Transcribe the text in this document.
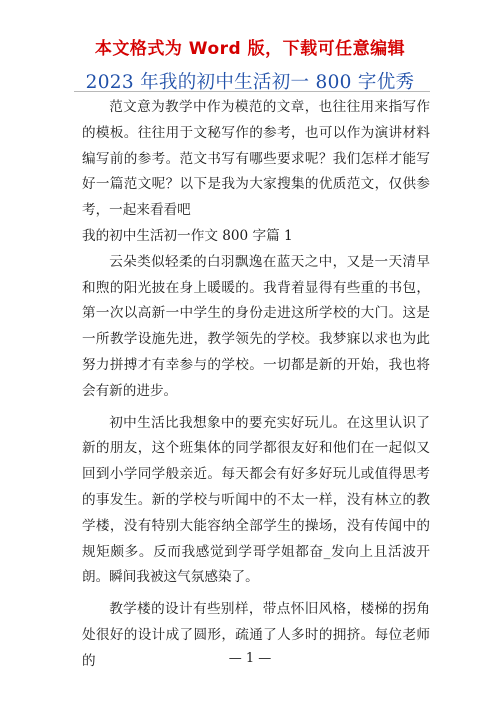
本文格式为 Word 版，下载可任意编辑
2023 年我的初中生活初一 800 字优秀

范文意为教学中作为模范的文章，也往往用来指写作的模板。往往用于文秘写作的参考，也可以作为演讲材料编写前的参考。范文书写有哪些要求呢？我们怎样才能写好一篇范文呢？以下是我为大家搜集的优质范文，仅供参考，一起来看看吧

我的初中生活初一作文 800 字篇 1

云朵类似轻柔的白羽飘逸在蓝天之中，又是一天清早和煦的阳光披在身上暖暖的。我背着显得有些重的书包，第一次以高新一中学生的身份走进这所学校的大门。这是一所教学设施先进，教学领先的学校。我梦寐以求也为此努力拼搏才有幸参与的学校。一切都是新的开始，我也将会有新的进步。

初中生活比我想象中的要充实好玩儿。在这里认识了新的朋友，这个班集体的同学都很友好和他们在一起似又回到小学同学般亲近。每天都会有好多好玩儿或值得思考的事发生。新的学校与听闻中的不太一样，没有林立的教学楼，没有特别大能容纳全部学生的操场，没有传闻中的规矩颇多。反而我感觉到学哥学姐都奋_发向上且活波开朗。瞬间我被这气氛感染了。

教学楼的设计有些别样，带点怀旧风格，楼梯的拐角处很好的设计成了圆形，疏通了人多时的拥挤。每位老师的	— 1 —
